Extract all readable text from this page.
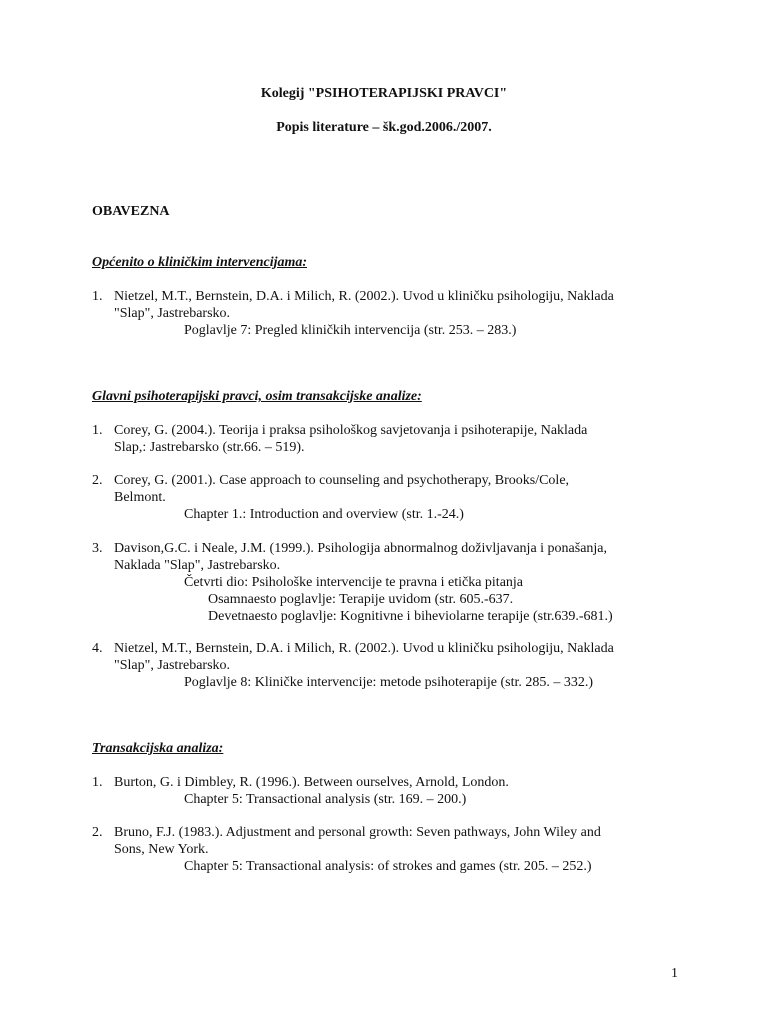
Kolegij "PSIHOTERAPIJSKI PRAVCI"
Popis literature – šk.god.2006./2007.
OBAVEZNA
Općenito o kliničkim intervencijama:
1. Nietzel, M.T., Bernstein, D.A. i Milich, R. (2002.). Uvod u kliničku psihologiju, Naklada
"Slap", Jastrebarsko.
Poglavlje 7: Pregled kliničkih intervencija (str. 253. – 283.)
Glavni psihoterapijski pravci, osim transakcijske analize:
1. Corey, G. (2004.). Teorija i praksa psihološkog savjetovanja i psihoterapije, Naklada
Slap,: Jastrebarsko (str.66. – 519).
2. Corey, G. (2001.). Case approach to counseling and psychotherapy, Brooks/Cole,
Belmont.
Chapter 1.: Introduction and overview (str. 1.-24.)
3. Davison,G.C. i Neale, J.M. (1999.). Psihologija abnormalnog doživljavanja i ponašanja,
Naklada "Slap", Jastrebarsko.
Četvrti dio: Psihološke intervencije te pravna i etička pitanja
Osamnaesto poglavlje: Terapije uvidom (str. 605.-637.
Devetnaesto poglavlje: Kognitivne i biheviolarne terapije (str.639.-681.)
4. Nietzel, M.T., Bernstein, D.A. i Milich, R. (2002.). Uvod u kliničku psihologiju, Naklada
"Slap", Jastrebarsko.
Poglavlje 8: Kliničke intervencije: metode psihoterapije (str. 285. – 332.)
Transakcijska analiza:
1. Burton, G. i Dimbley, R. (1996.). Between ourselves, Arnold, London.
Chapter 5: Transactional analysis (str. 169. – 200.)
2. Bruno, F.J. (1983.). Adjustment and personal growth: Seven pathways, John Wiley and
Sons, New York.
Chapter 5: Transactional analysis: of strokes and games (str. 205. – 252.)
1
